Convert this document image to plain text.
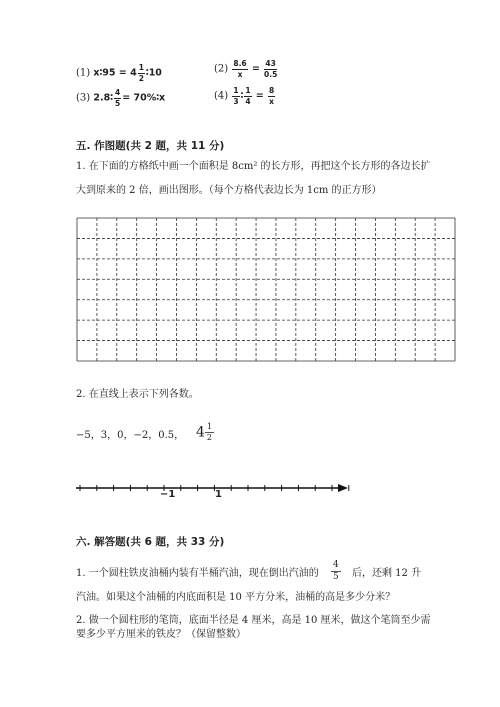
(1) x∶95 = $4 \frac{1}{2}$ ∶10	$(2) \frac{8.6}{x} = \frac{43}{0.5}$
(3) 2.8∶ $\frac{4}{5}$ = 70%∶x	$(4) \frac{1}{3}$ ∶ $\frac{1}{4} = \frac{8}{x}$
五. 作图题(共 2 题，共 11 分)
1. 在下面的方格纸中画一个面积是 8cm² 的长方形，再把这个长方形的各边长扩
大到原来的 2 倍，画出图形。（每个方格代表边长为 1cm 的正方形）
2. 在直线上表示下列各数。
−5，3，0，−2，0.5， $4 \frac{1}{2}$
−1	1
六. 解答题(共 6 题，共 33 分)
1. 一个圆柱铁皮油桶内装有半桶汽油，现在倒出汽油的 $\frac{4}{5}$ 后，还剩 12 升
汽油。如果这个油桶的内底面积是 10 平方分米，油桶的高是多少分米？
2. 做一个圆柱形的笔筒，底面半径是 4 厘米，高是 10 厘米，做这个笔筒至少需
要多少平方厘米的铁皮？（保留整数）
